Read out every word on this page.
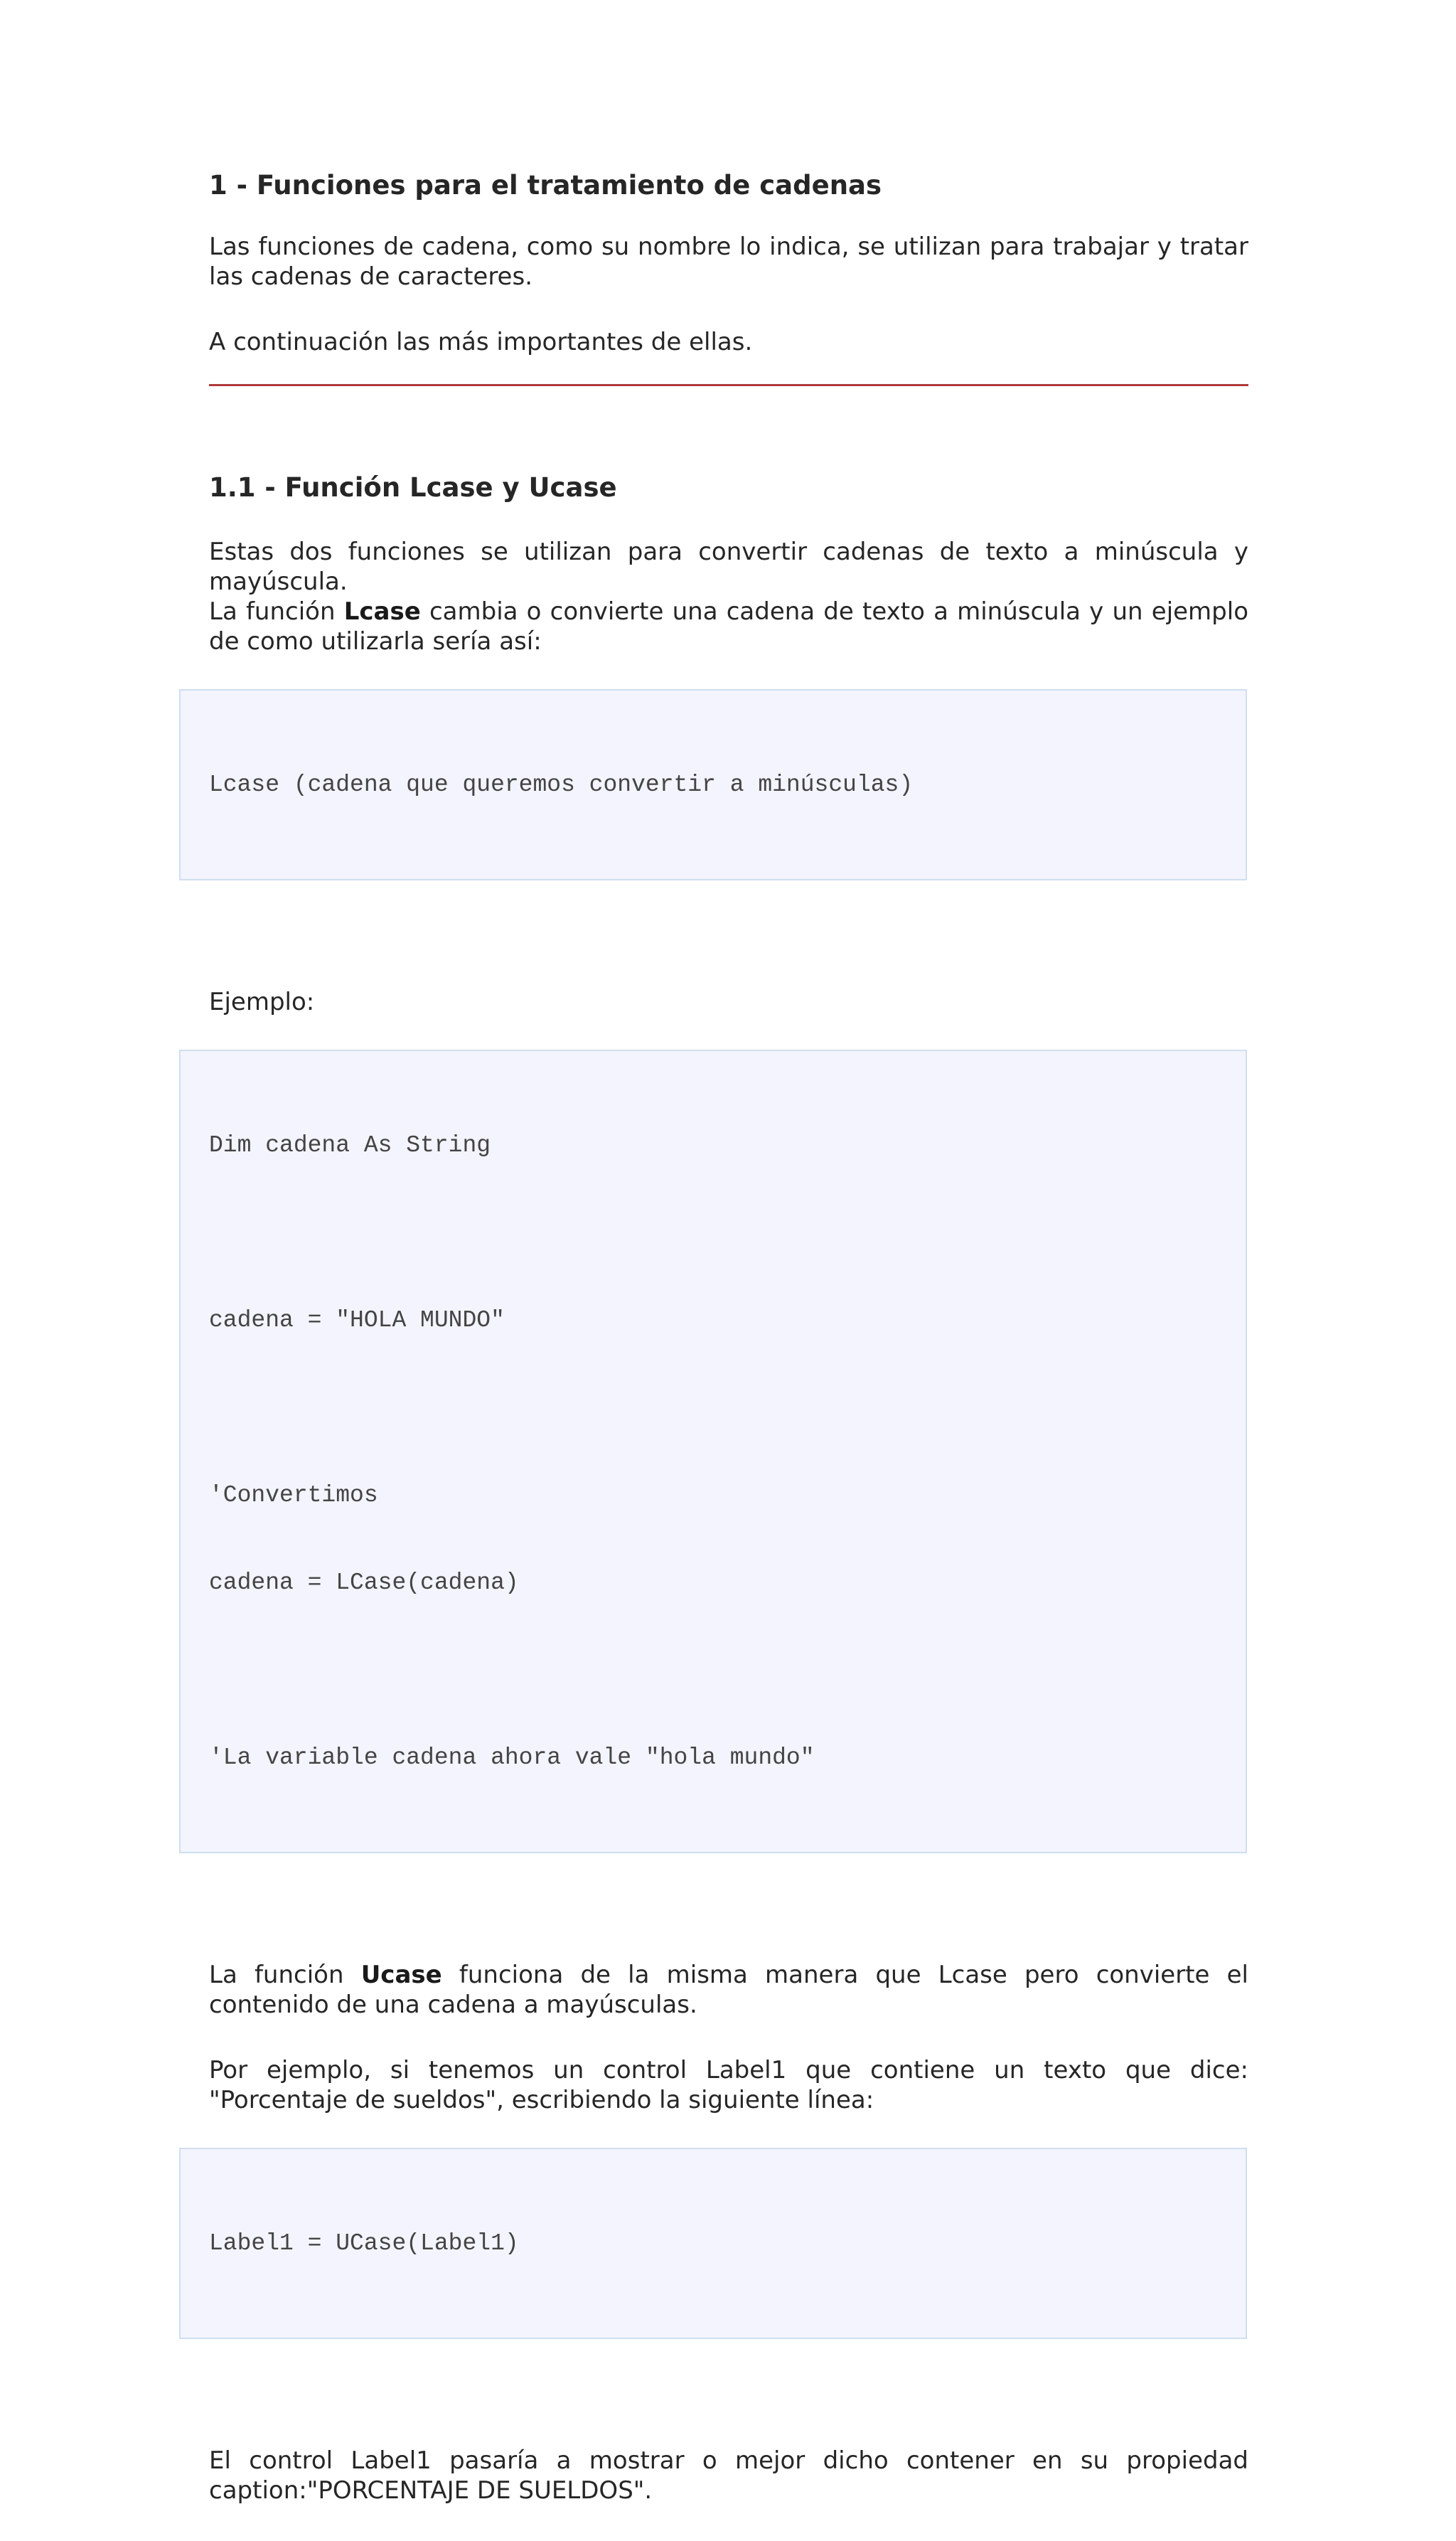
1 - Funciones para el tratamiento de cadenas
Las funciones de cadena, como su nombre lo indica, se utilizan para trabajar y tratar las cadenas de caracteres.
A continuación las más importantes de ellas.
1.1 - Función Lcase y Ucase
Estas dos funciones se utilizan para convertir cadenas de texto a minúscula y mayúscula.
La función Lcase cambia o convierte una cadena de texto a minúscula y un ejemplo de como utilizarla sería así:

Lcase (cadena que queremos convertir a minúsculas)

Ejemplo:

Dim cadena As String

cadena = "HOLA MUNDO"

'Convertimos

cadena = LCase(cadena)

'La variable cadena ahora vale "hola mundo"

La función Ucase funciona de la misma manera que Lcase pero convierte el contenido de una cadena a mayúsculas.
Por ejemplo, si tenemos un control Label1 que contiene un texto que dice: "Porcentaje de sueldos", escribiendo la siguiente línea:

Label1 = UCase(Label1)

El control Label1 pasaría a mostrar o mejor dicho contener en su propiedad caption:"PORCENTAJE DE SUELDOS".
